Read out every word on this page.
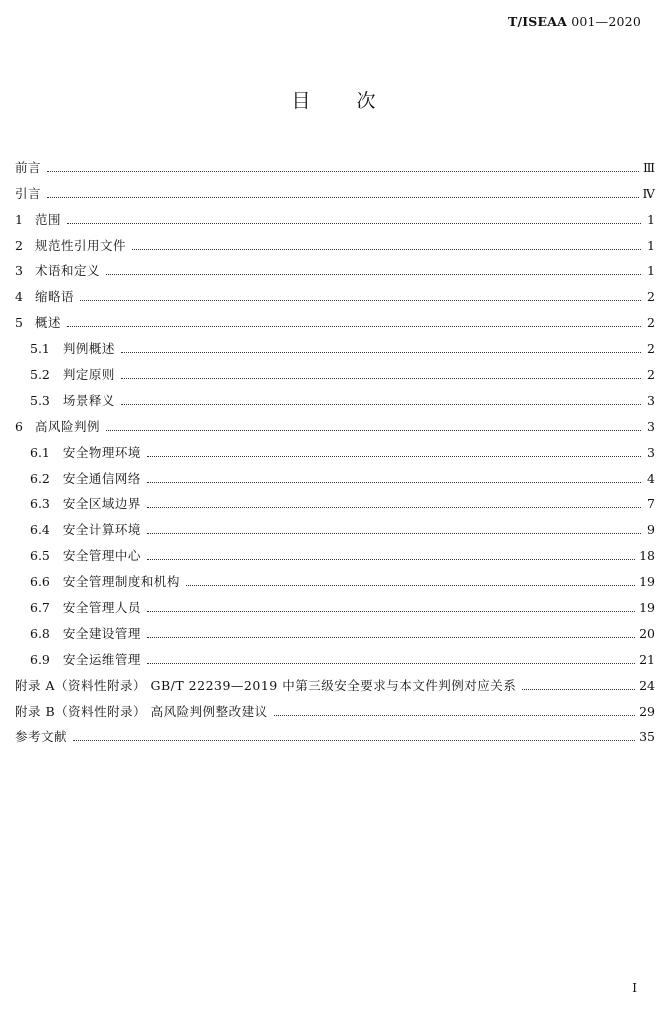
T/ISEAA 001—2020
目 次
前言	Ⅲ
引言	Ⅳ
1 范围	1
2 规范性引用文件	1
3 术语和定义	1
4 缩略语	2
5 概述	2
5.1 判例概述	2
5.2 判定原则	2
5.3 场景释义	3
6 高风险判例	3
6.1 安全物理环境	3
6.2 安全通信网络	4
6.3 安全区域边界	7
6.4 安全计算环境	9
6.5 安全管理中心	18
6.6 安全管理制度和机构	19
6.7 安全管理人员	19
6.8 安全建设管理	20
6.9 安全运维管理	21
附录 A（资料性附录） GB/T 22239—2019 中第三级安全要求与本文件判例对应关系	24
附录 B（资料性附录） 高风险判例整改建议	29
参考文献	35
I
